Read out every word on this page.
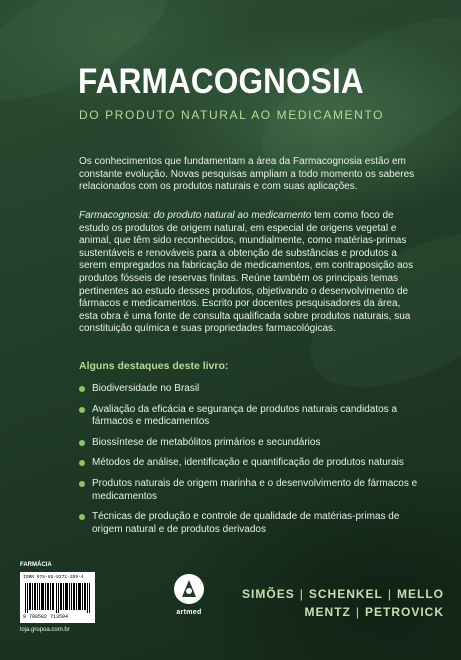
FARMACOGNOSIA

DO PRODUTO NATURAL AO MEDICAMENTO

Os conhecimentos que fundamentam a área da Farmacognosia estão em constante evolução. Novas pesquisas ampliam a todo momento os saberes relacionados com os produtos naturais e com suas aplicações.

Farmacognosia: do produto natural ao medicamento tem como foco de estudo os produtos de origem natural, em especial de origens vegetal e animal, que têm sido reconhecidos, mundialmente, como matérias-primas sustentáveis e renováveis para a obtenção de substâncias e produtos a serem empregados na fabricação de medicamentos, em contraposição aos produtos fósseis de reservas finitas. Reúne também os principais temas pertinentes ao estudo desses produtos, objetivando o desenvolvimento de fármacos e medicamentos. Escrito por docentes pesquisadores da área, esta obra é uma fonte de consulta qualificada sobre produtos naturais, sua constituição química e suas propriedades farmacológicas.

Alguns destaques deste livro:

Biodiversidade no Brasil
Avaliação da eficácia e segurança de produtos naturais candidatos a fármacos e medicamentos
Biossíntese de metabólitos primários e secundários
Métodos de análise, identificação e quantificação de produtos naturais
Produtos naturais de origem marinha e o desenvolvimento de fármacos e medicamentos
Técnicas de produção e controle de qualidade de matérias-primas de origem natural e de produtos derivados

FARMÁCIA

ISBN 978-85-8271-359-4

9 788582 713594

loja.grupoa.com.br

artmed

SIMÕES | SCHENKEL | MELLO
MENTZ | PETROVICK
